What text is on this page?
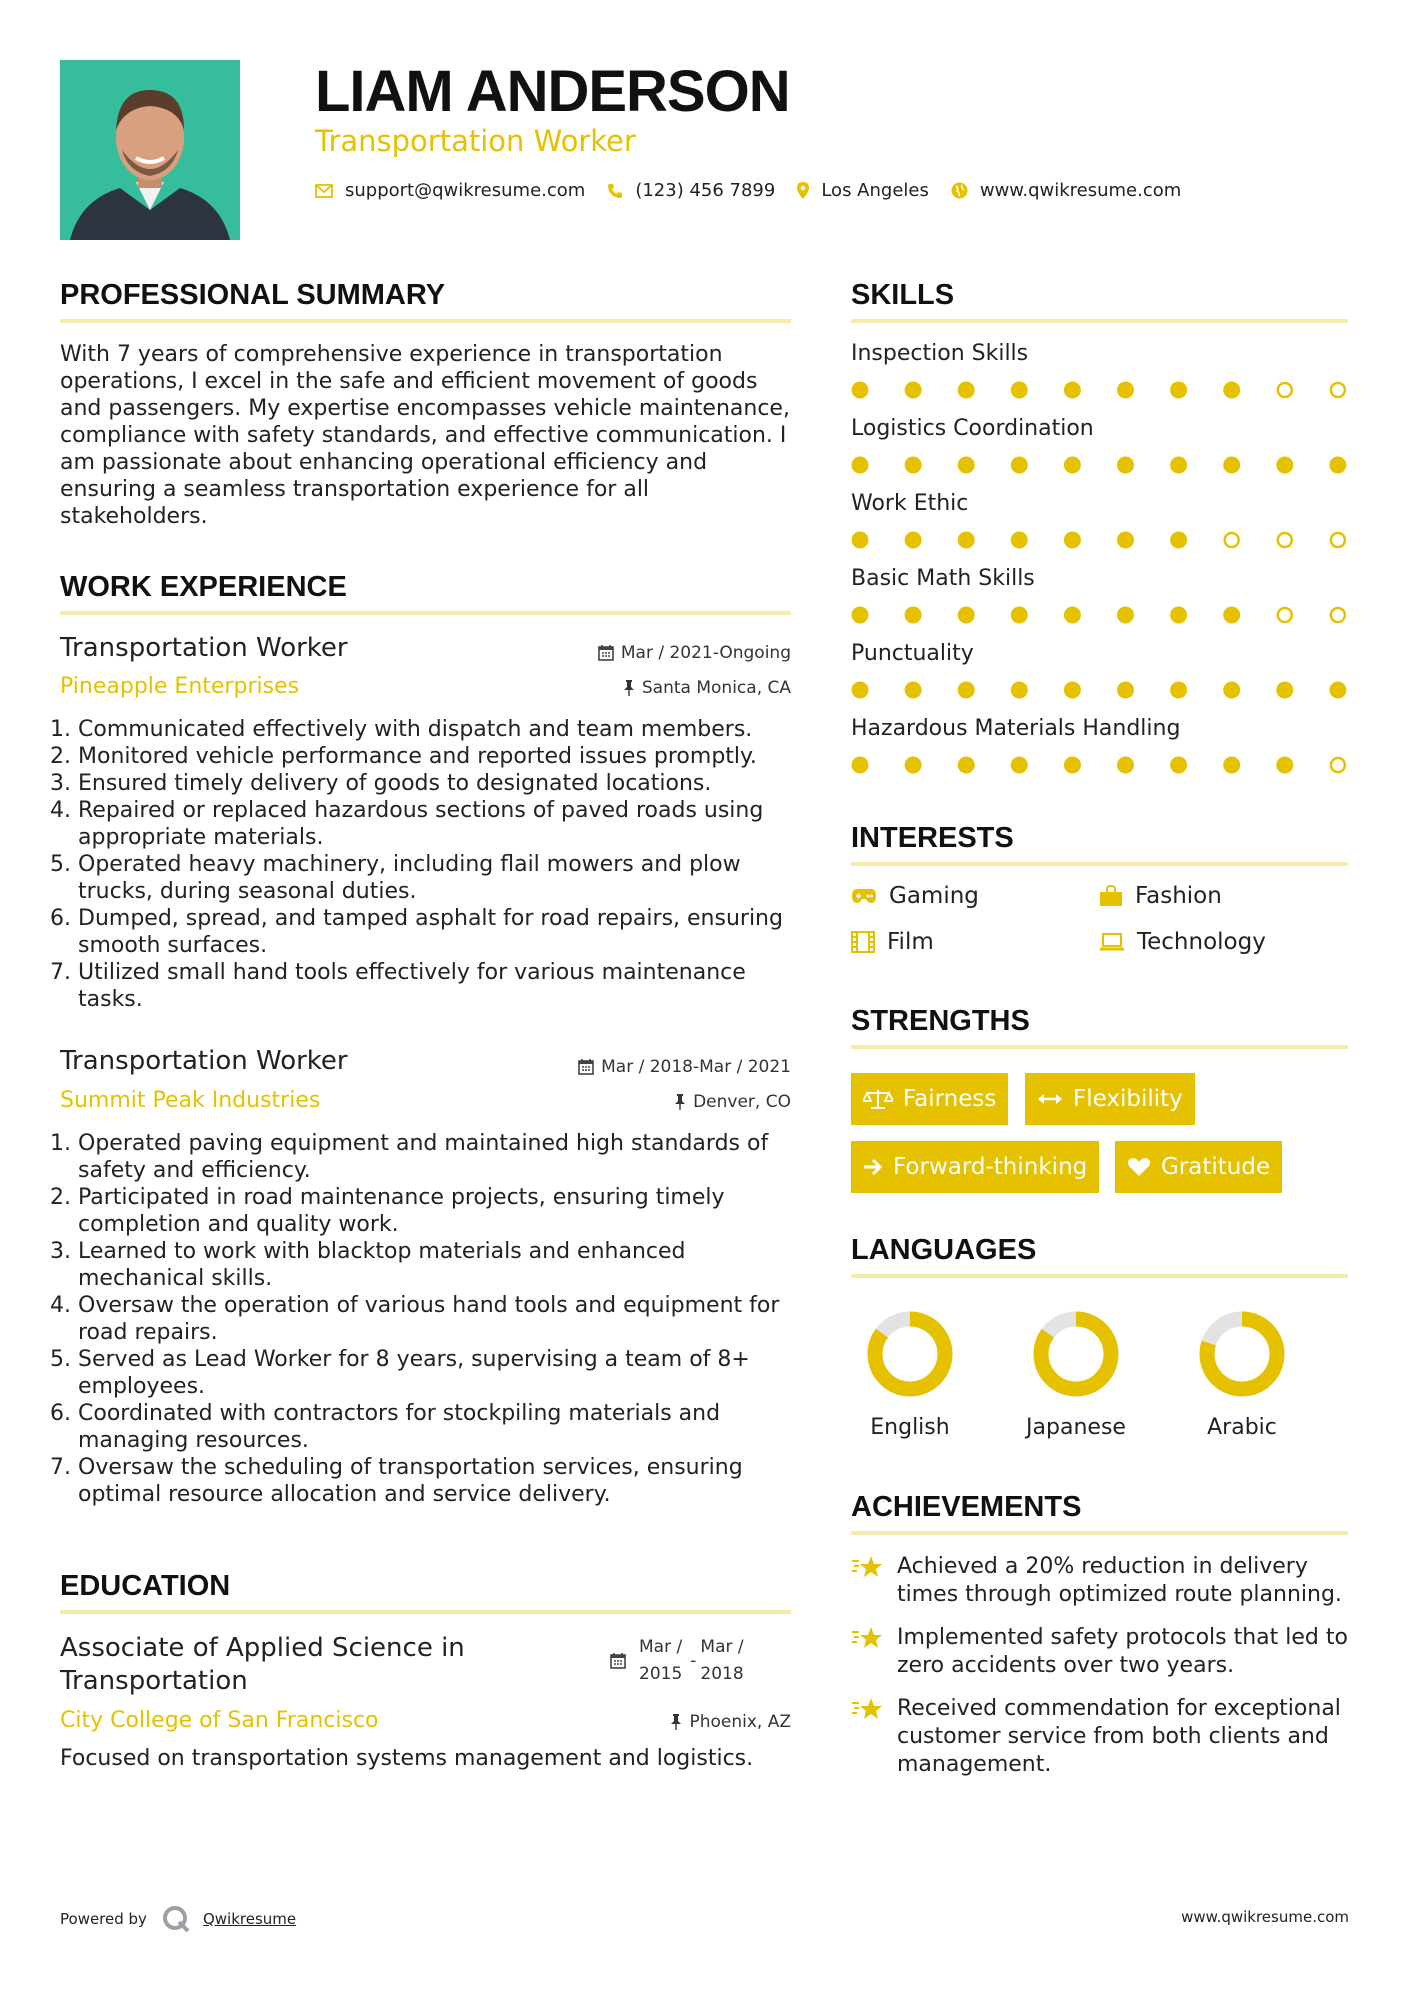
LIAM ANDERSON
Transportation Worker
support@qwikresume.com	(123) 456 7899	Los Angeles	www.qwikresume.com
PROFESSIONAL SUMMARY
With 7 years of comprehensive experience in transportation operations, I excel in the safe and efficient movement of goods and passengers. My expertise encompasses vehicle maintenance, compliance with safety standards, and effective communication. I am passionate about enhancing operational efficiency and ensuring a seamless transportation experience for all stakeholders.
WORK EXPERIENCE
Transportation Worker	Mar / 2021-Ongoing
Pineapple Enterprises	Santa Monica, CA
1. Communicated effectively with dispatch and team members.
2. Monitored vehicle performance and reported issues promptly.
3. Ensured timely delivery of goods to designated locations.
4. Repaired or replaced hazardous sections of paved roads using appropriate materials.
5. Operated heavy machinery, including flail mowers and plow trucks, during seasonal duties.
6. Dumped, spread, and tamped asphalt for road repairs, ensuring smooth surfaces.
7. Utilized small hand tools effectively for various maintenance tasks.
Transportation Worker	Mar / 2018-Mar / 2021
Summit Peak Industries	Denver, CO
1. Operated paving equipment and maintained high standards of safety and efficiency.
2. Participated in road maintenance projects, ensuring timely completion and quality work.
3. Learned to work with blacktop materials and enhanced mechanical skills.
4. Oversaw the operation of various hand tools and equipment for road repairs.
5. Served as Lead Worker for 8 years, supervising a team of 8+ employees.
6. Coordinated with contractors for stockpiling materials and managing resources.
7. Oversaw the scheduling of transportation services, ensuring optimal resource allocation and service delivery.
EDUCATION
Associate of Applied Science in Transportation
Mar /
2015
-
Mar /
2018
City College of San Francisco	Phoenix, AZ
Focused on transportation systems management and logistics.
SKILLS
Inspection Skills
Logistics Coordination
Work Ethic
Basic Math Skills
Punctuality
Hazardous Materials Handling
INTERESTS
Gaming	Fashion
Film	Technology
STRENGTHS
Fairness	Flexibility
Forward-thinking	Gratitude
LANGUAGES
English	Japanese	Arabic
ACHIEVEMENTS
Achieved a 20% reduction in delivery times through optimized route planning.
Implemented safety protocols that led to zero accidents over two years.
Received commendation for exceptional customer service from both clients and management.
Powered by	Qwikresume	www.qwikresume.com
